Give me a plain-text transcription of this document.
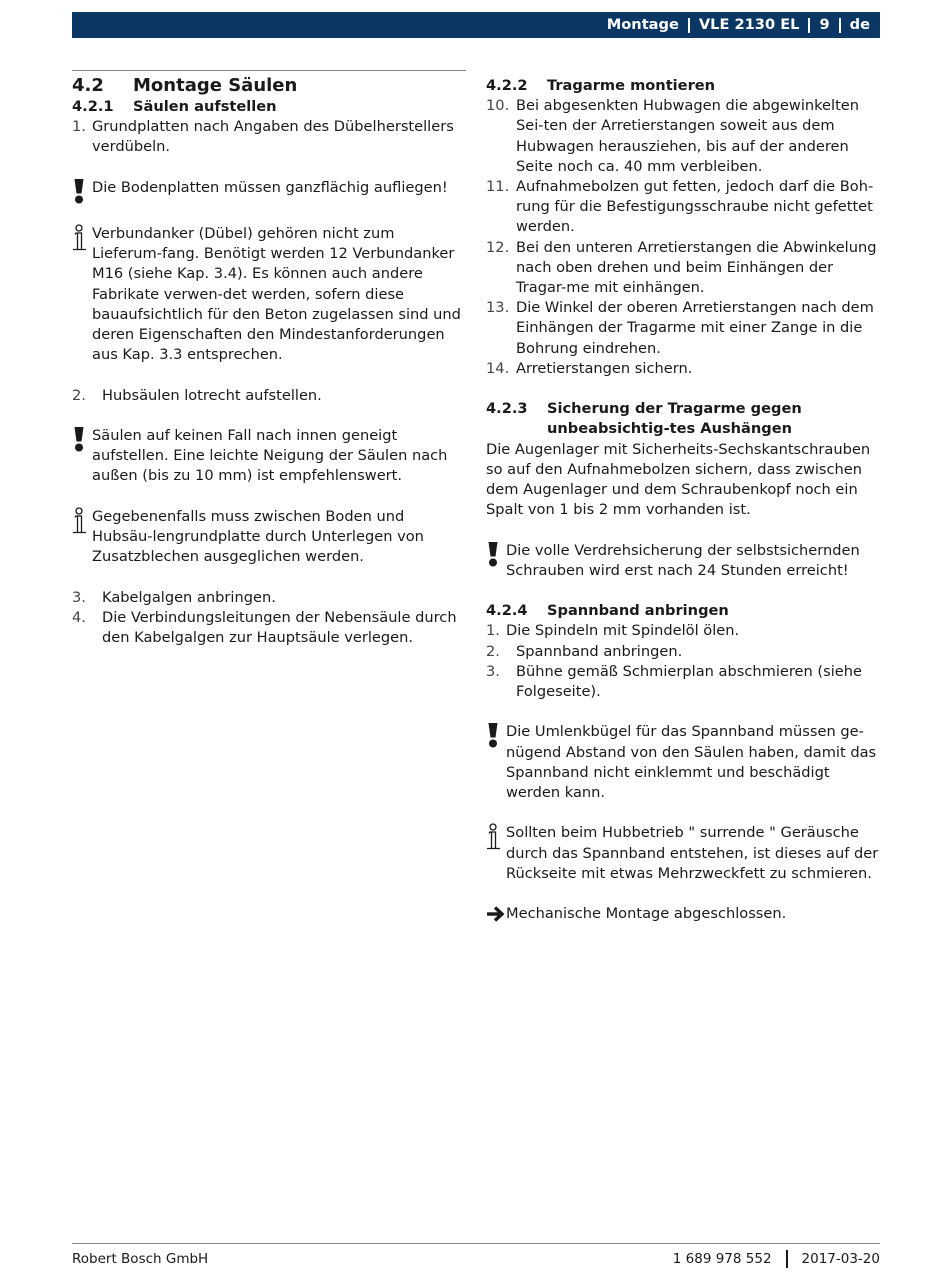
Montage VLE 2130 EL 9 de
4.2	Montage Säulen
4.2.1	Säulen aufstellen
1. Grundplatten nach Angaben des Dübelherstellers verdübeln.
Die Bodenplatten müssen ganzflächig aufliegen!
Verbundanker (Dübel) gehören nicht zum Lieferum-fang. Benötigt werden 12 Verbundanker M16 (siehe Kap. 3.4). Es können auch andere Fabrikate verwen-det werden, sofern diese bauaufsichtlich für den Beton zugelassen sind und deren Eigenschaften den Mindestanforderungen aus Kap. 3.3 entsprechen.
2.	Hubsäulen lotrecht aufstellen.
Säulen auf keinen Fall nach innen geneigt aufstellen. Eine leichte Neigung der Säulen nach außen (bis zu 10 mm) ist empfehlenswert.
Gegebenenfalls muss zwischen Boden und Hubsäu-lengrundplatte durch Unterlegen von Zusatzblechen ausgeglichen werden.
3.	Kabelgalgen anbringen.
4.	Die Verbindungsleitungen der Nebensäule durch den Kabelgalgen zur Hauptsäule verlegen.
4.2.2	Tragarme montieren
10. Bei abgesenkten Hubwagen die abgewinkelten Sei-ten der Arretierstangen soweit aus dem Hubwagen herausziehen, bis auf der anderen Seite noch ca. 40 mm verbleiben.
11. Aufnahmebolzen gut fetten, jedoch darf die Boh-rung für die Befestigungsschraube nicht gefettet werden.
12. Bei den unteren Arretierstangen die Abwinkelung nach oben drehen und beim Einhängen der Tragar-me mit einhängen.
13. Die Winkel der oberen Arretierstangen nach dem Einhängen der Tragarme mit einer Zange in die Bohrung eindrehen.
14. Arretierstangen sichern.
4.2.3	Sicherung der Tragarme gegen unbeabsichtig-tes Aushängen

Die Augenlager mit Sicherheits-Sechskantschrauben so auf den Aufnahmebolzen sichern, dass zwischen dem Augenlager und dem Schraubenkopf noch ein Spalt von 1 bis 2 mm vorhanden ist.

Die volle Verdrehsicherung der selbstsichernden Schrauben wird erst nach 24 Stunden erreicht!
4.2.4	Spannband anbringen
1. Die Spindeln mit Spindelöl ölen.
2.	Spannband anbringen.
3.	Bühne gemäß Schmierplan abschmieren (siehe Folgeseite).
Die Umlenkbügel für das Spannband müssen ge-nügend Abstand von den Säulen haben, damit das Spannband nicht einklemmt und beschädigt werden kann.
Sollten beim Hubbetrieb " surrende " Geräusche durch das Spannband entstehen, ist dieses auf der Rückseite mit etwas Mehrzweckfett zu schmieren.
Mechanische Montage abgeschlossen.
Robert Bosch GmbH	1 689 978 552 2017-03-20
